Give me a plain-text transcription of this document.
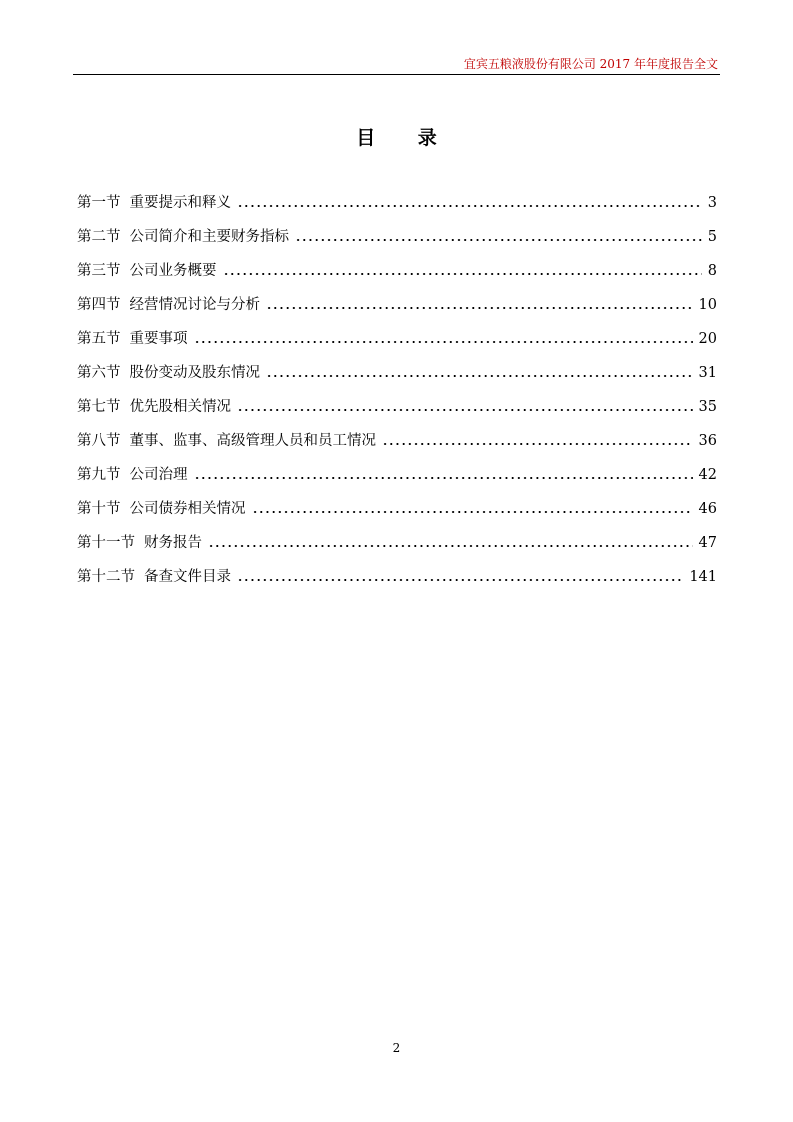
宜宾五粮液股份有限公司 2017 年年度报告全文
目 录
第一节 重要提示和释义	3
第二节 公司简介和主要财务指标	5
第三节 公司业务概要	8
第四节 经营情况讨论与分析	10
第五节 重要事项	20
第六节 股份变动及股东情况	31
第七节 优先股相关情况	35
第八节 董事、监事、高级管理人员和员工情况	36
第九节 公司治理	42
第十节 公司债券相关情况	46
第十一节 财务报告	47
第十二节 备查文件目录	141
2
